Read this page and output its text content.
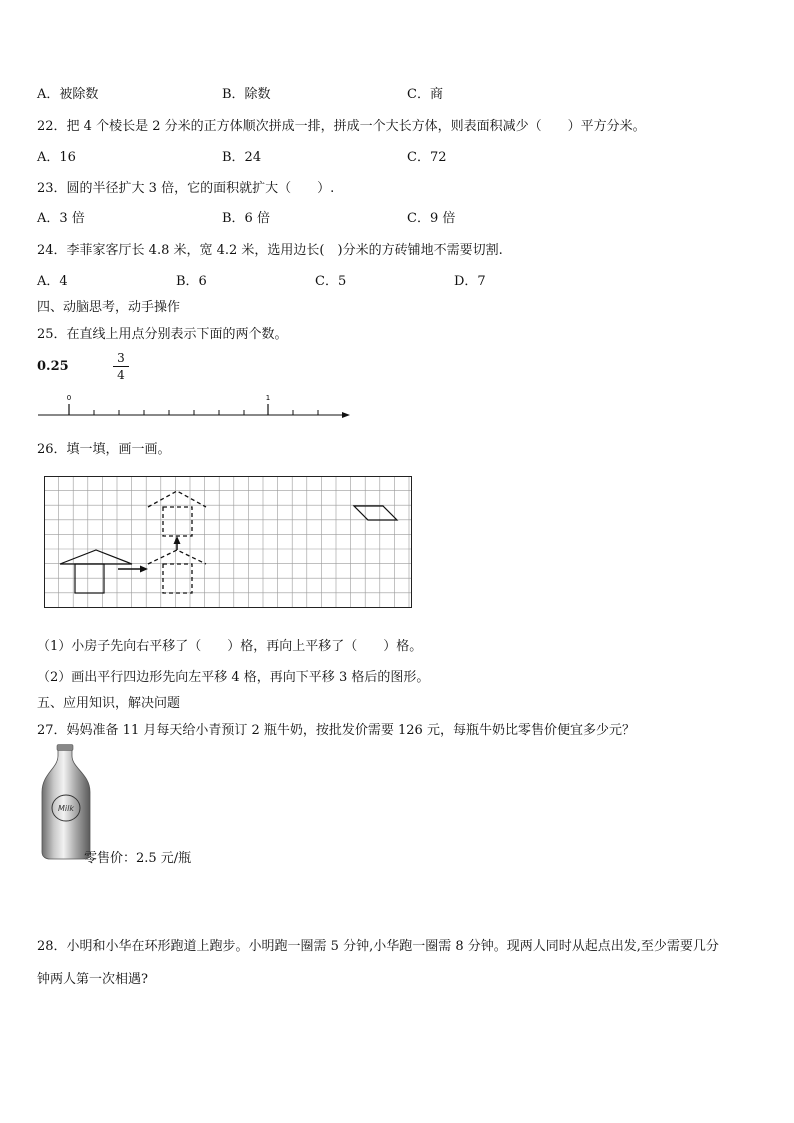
A．被除数	B．除数	C．商
22．把 4 个棱长是 2 分米的正方体顺次拼成一排，拼成一个大长方体，则表面积减少（　　）平方分米。
A．16	B．24	C．72
23．圆的半径扩大 3 倍，它的面积就扩大（　　）.
A．3 倍	B．6 倍	C．9 倍
24．李菲家客厅长 4.8 米，宽 4.2 米，选用边长(　)分米的方砖铺地不需要切割.
A．4	B．6	C．5	D．7
四、动脑思考，动手操作
25．在直线上用点分别表示下面的两个数。
0.25
3
4
0	1
26．填一填，画一画。
（1）小房子先向右平移了（　　）格，再向上平移了（　　）格。
（2）画出平行四边形先向左平移 4 格，再向下平移 3 格后的图形。
五、应用知识，解决问题
27．妈妈准备 11 月每天给小青预订 2 瓶牛奶，按批发价需要 126 元，每瓶牛奶比零售价便宜多少元？
Milk
零售价：2.5 元/瓶
28．小明和小华在环形跑道上跑步。小明跑一圈需 5 分钟,小华跑一圈需 8 分钟。现两人同时从起点出发,至少需要几分
钟两人第一次相遇?
